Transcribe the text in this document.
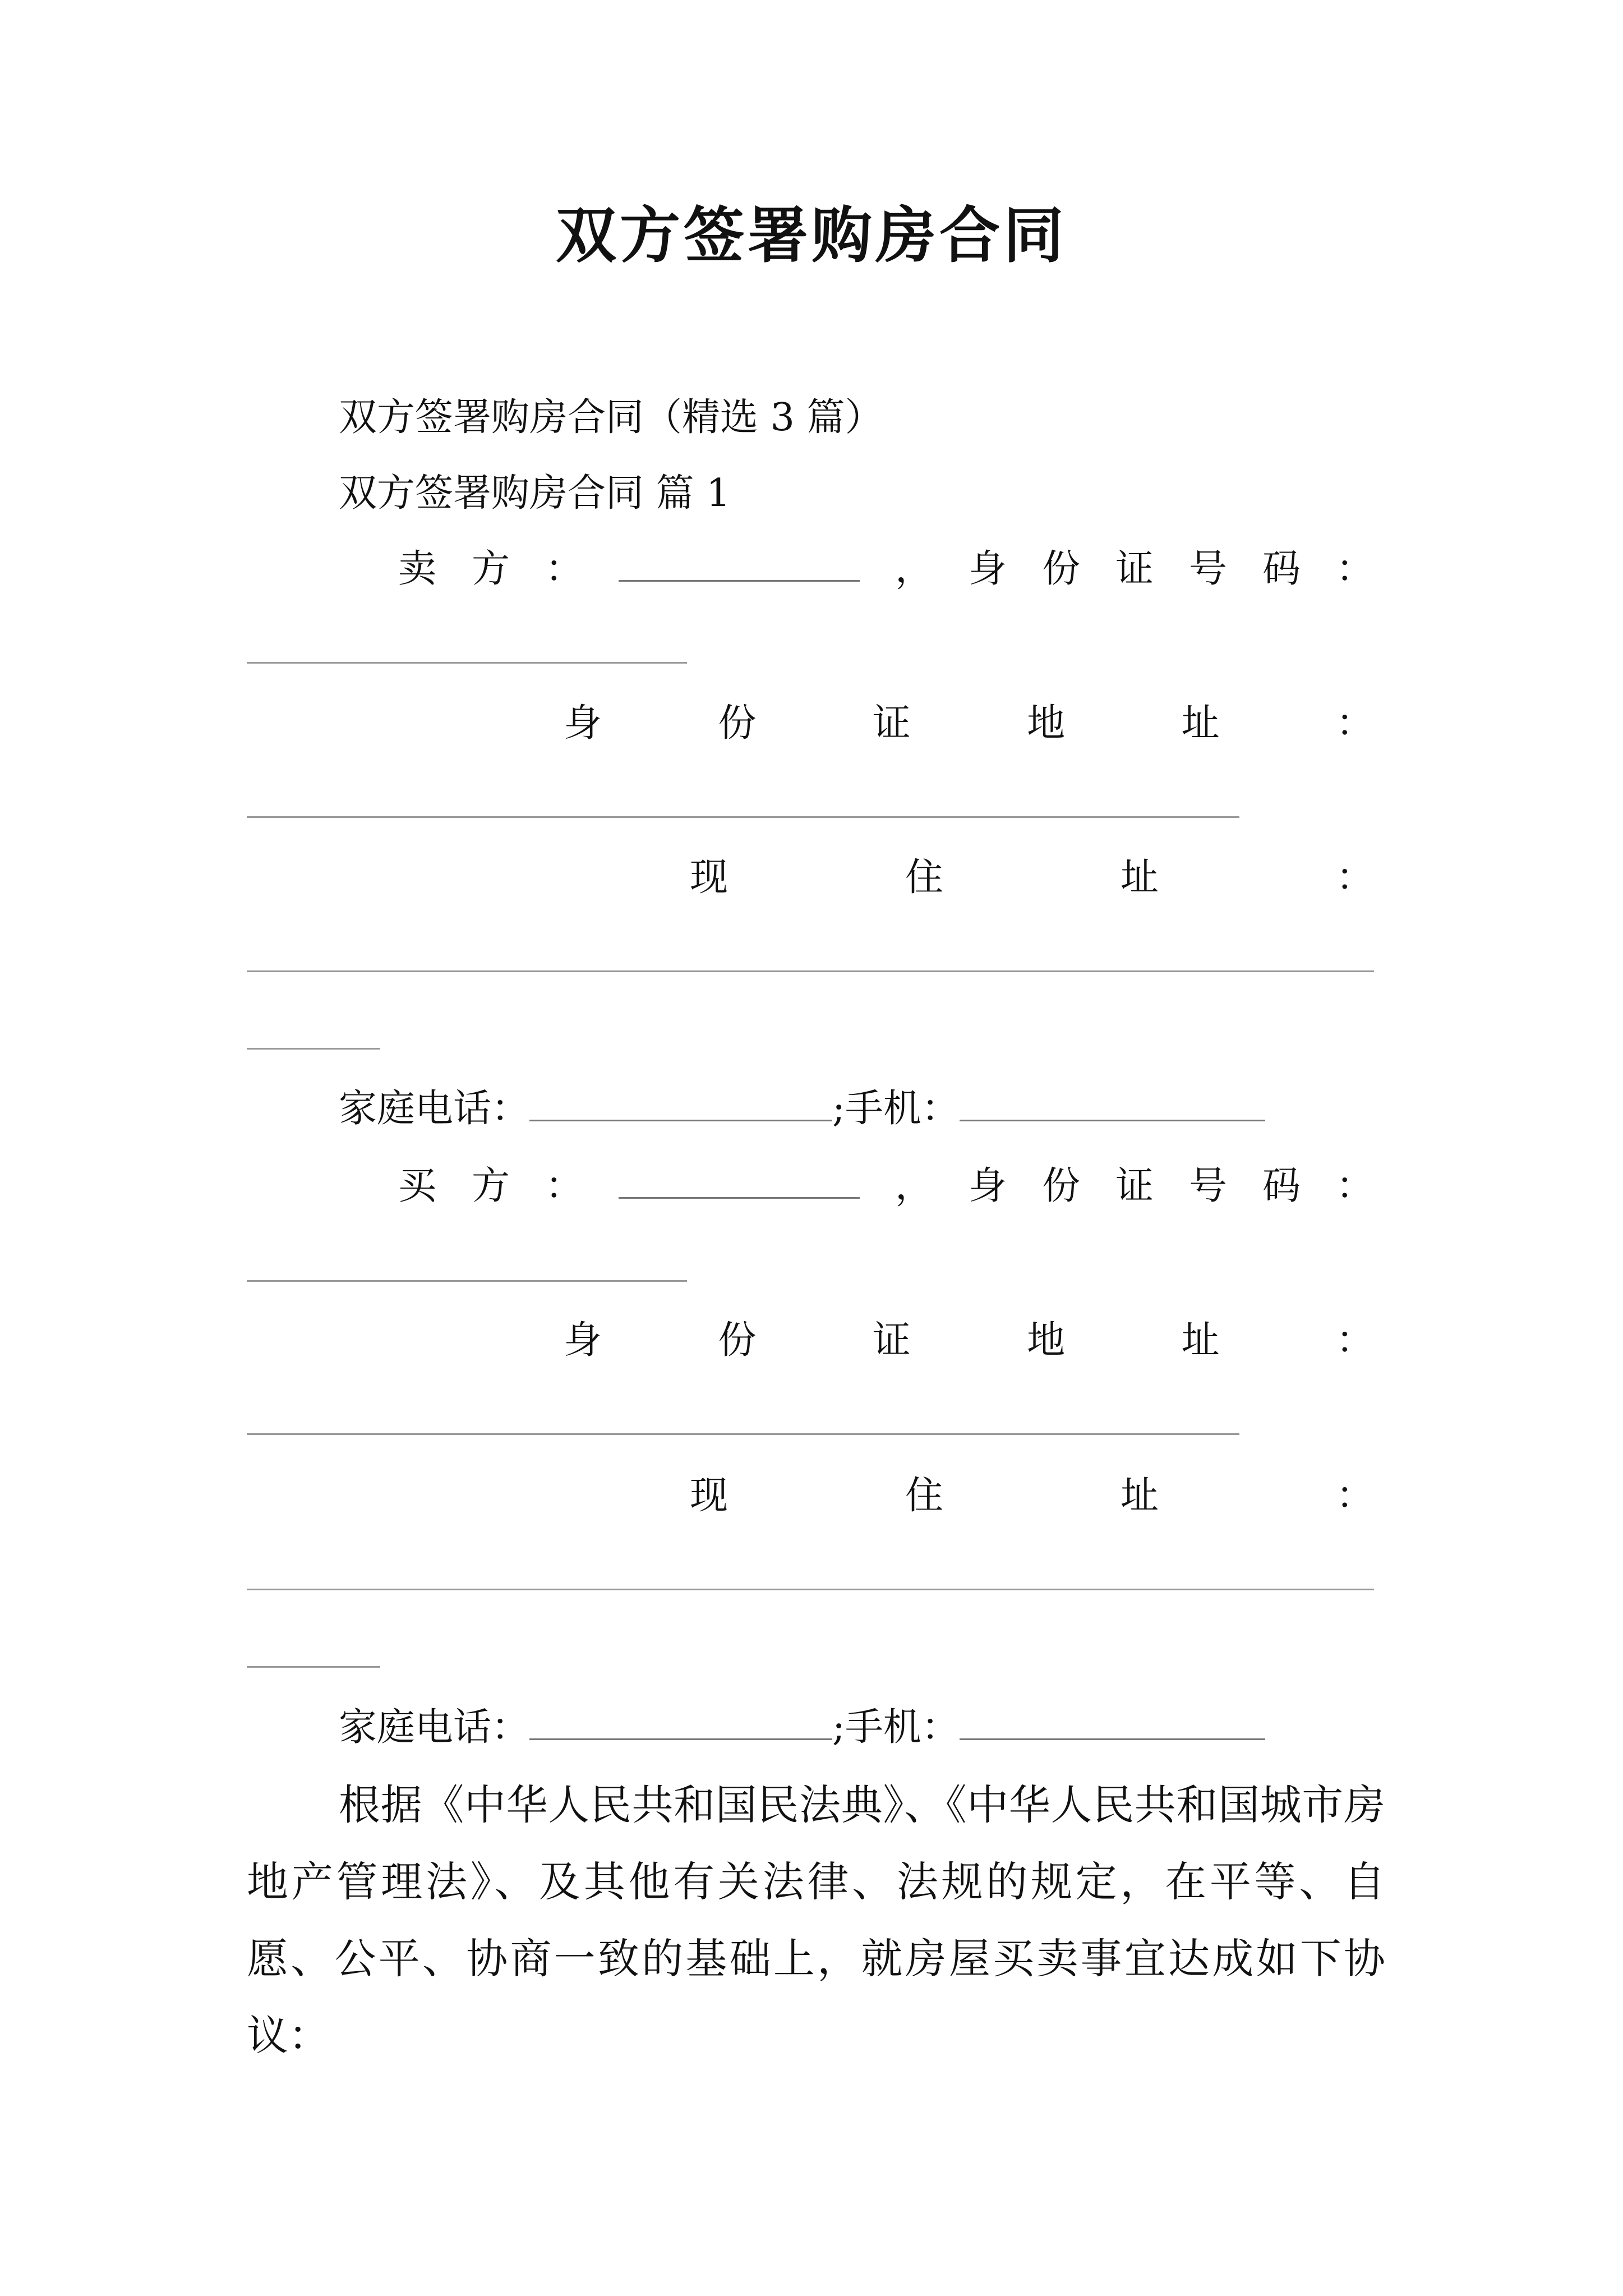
双方签署购房合同
双方签署购房合同（精选 3 篇）
双方签署购房合同 篇 1
卖 方 ：	， 身 份 证 号 码 ：
身	份	证	地	址	：
现	住	址	：
家庭电话：	;手机：
买 方 ：	， 身 份 证 号 码 ：
身	份	证	地	址	：
现	住	址	：
家庭电话：	;手机：
根据《中华人民共和国民法典》、《中华人民共和国城市房地产管理法》、及其他有关法律、法规的规定，在平等、自愿、公平、协商一致的基础上，就房屋买卖事宜达成如下协议：
